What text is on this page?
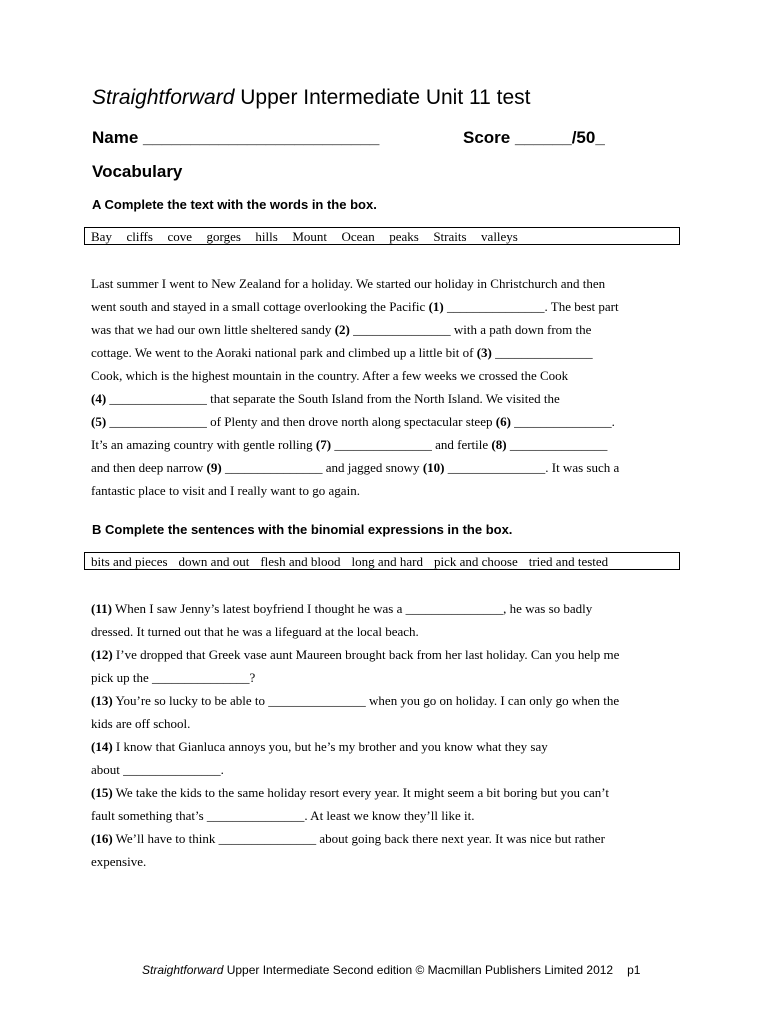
Straightforward Upper Intermediate Unit 11 test
Name _________________________	Score ______/50_
Vocabulary
A Complete the text with the words in the box.
Bay cliffs cove gorges hills Mount Ocean peaks Straits valleys
Last summer I went to New Zealand for a holiday. We started our holiday in Christchurch and then
went south and stayed in a small cottage overlooking the Pacific (1) _______________. The best part
was that we had our own little sheltered sandy (2) _______________ with a path down from the
cottage. We went to the Aoraki national park and climbed up a little bit of (3) _______________
Cook, which is the highest mountain in the country. After a few weeks we crossed the Cook
(4) _______________ that separate the South Island from the North Island. We visited the
(5) _______________ of Plenty and then drove north along spectacular steep (6) _______________.
It’s an amazing country with gentle rolling (7) _______________ and fertile (8) _______________
and then deep narrow (9) _______________ and jagged snowy (10) _______________. It was such a
fantastic place to visit and I really want to go again.
B Complete the sentences with the binomial expressions in the box.
bits and pieces down and out flesh and blood long and hard pick and choose tried and tested
(11) When I saw Jenny’s latest boyfriend I thought he was a _______________, he was so badly
dressed. It turned out that he was a lifeguard at the local beach.
(12) I’ve dropped that Greek vase aunt Maureen brought back from her last holiday. Can you help me
pick up the _______________?
(13) You’re so lucky to be able to _______________ when you go on holiday. I can only go when the
kids are off school.
(14) I know that Gianluca annoys you, but he’s my brother and you know what they say
about _______________.
(15) We take the kids to the same holiday resort every year. It might seem a bit boring but you can’t
fault something that’s _______________. At least we know they’ll like it.
(16) We’ll have to think _______________ about going back there next year. It was nice but rather
expensive.
Straightforward Upper Intermediate Second edition © Macmillan Publishers Limited 2012 p1
